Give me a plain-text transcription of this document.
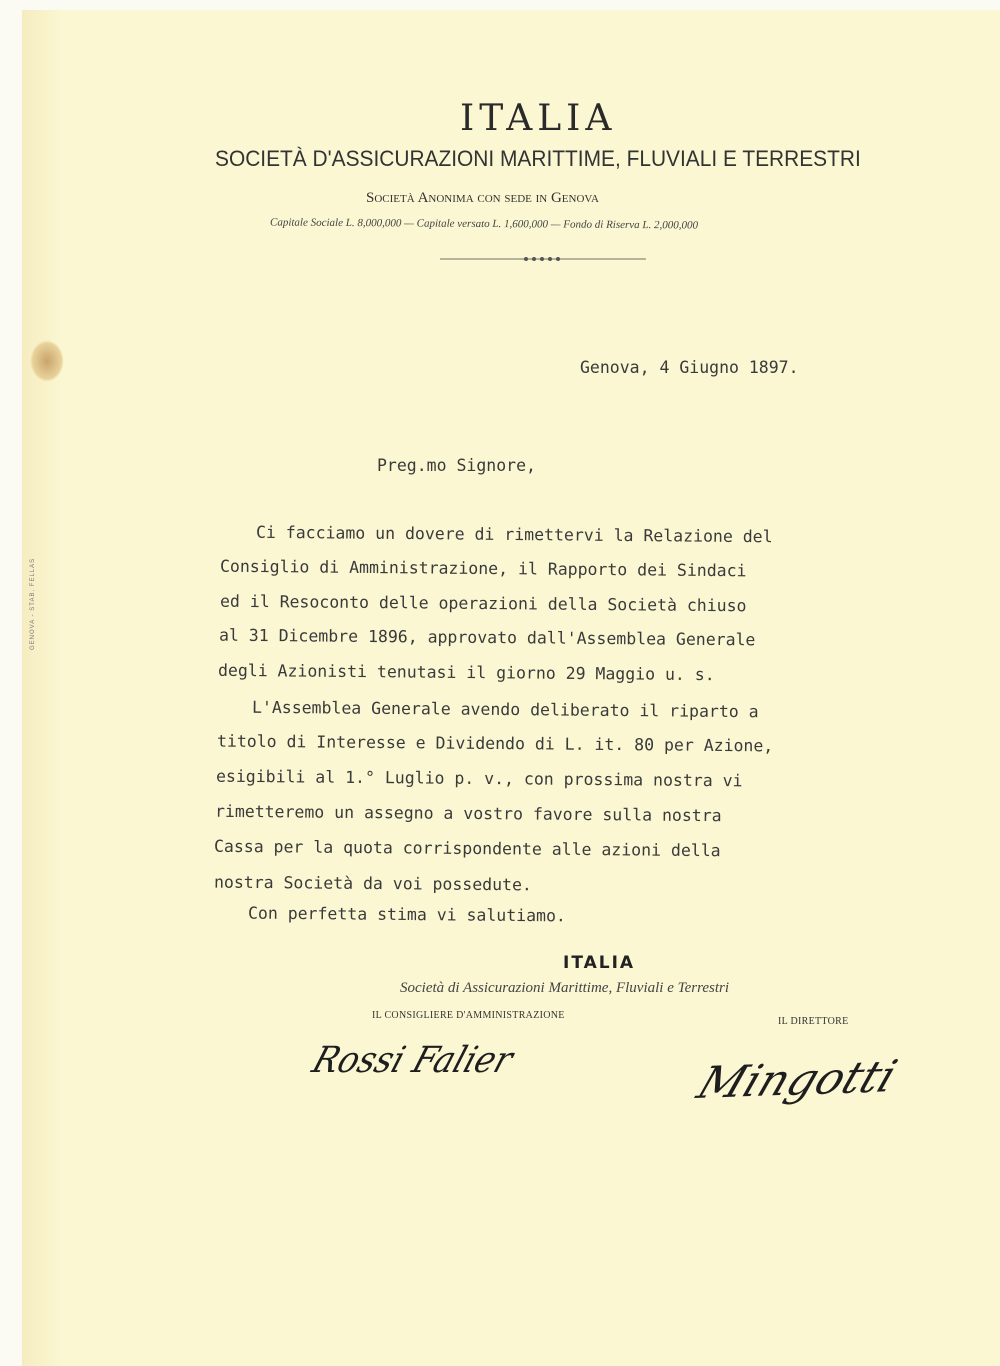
GENOVA - STAB. FELLAS
ITALIA
SOCIETÀ D'ASSICURAZIONI MARITTIME, FLUVIALI E TERRESTRI
Società Anonima con sede in Genova
Capitale Sociale L. 8,000,000 — Capitale versato L. 1,600,000 — Fondo di Riserva L. 2,000,000
Genova, 4 Giugno 1897.
Preg.mo Signore,
Ci facciamo un dovere di rimettervi la Relazione del
Consiglio di Amministrazione, il Rapporto dei Sindaci
ed il Resoconto delle operazioni della Società chiuso
al 31 Dicembre 1896, approvato dall'Assemblea Generale
degli Azionisti tenutasi il giorno 29 Maggio u. s.
L'Assemblea Generale avendo deliberato il riparto a
titolo di Interesse e Dividendo di L. it. 80 per Azione,
esigibili al 1.° Luglio p. v., con prossima nostra vi
rimetteremo un assegno a vostro favore sulla nostra
Cassa per la quota corrispondente alle azioni della
nostra Società da voi possedute.
Con perfetta stima vi salutiamo.
ITALIA
Società di Assicurazioni Marittime, Fluviali e Terrestri
IL CONSIGLIERE D'AMMINISTRAZIONE
IL DIRETTORE
Rossi Falier	Mingotti
